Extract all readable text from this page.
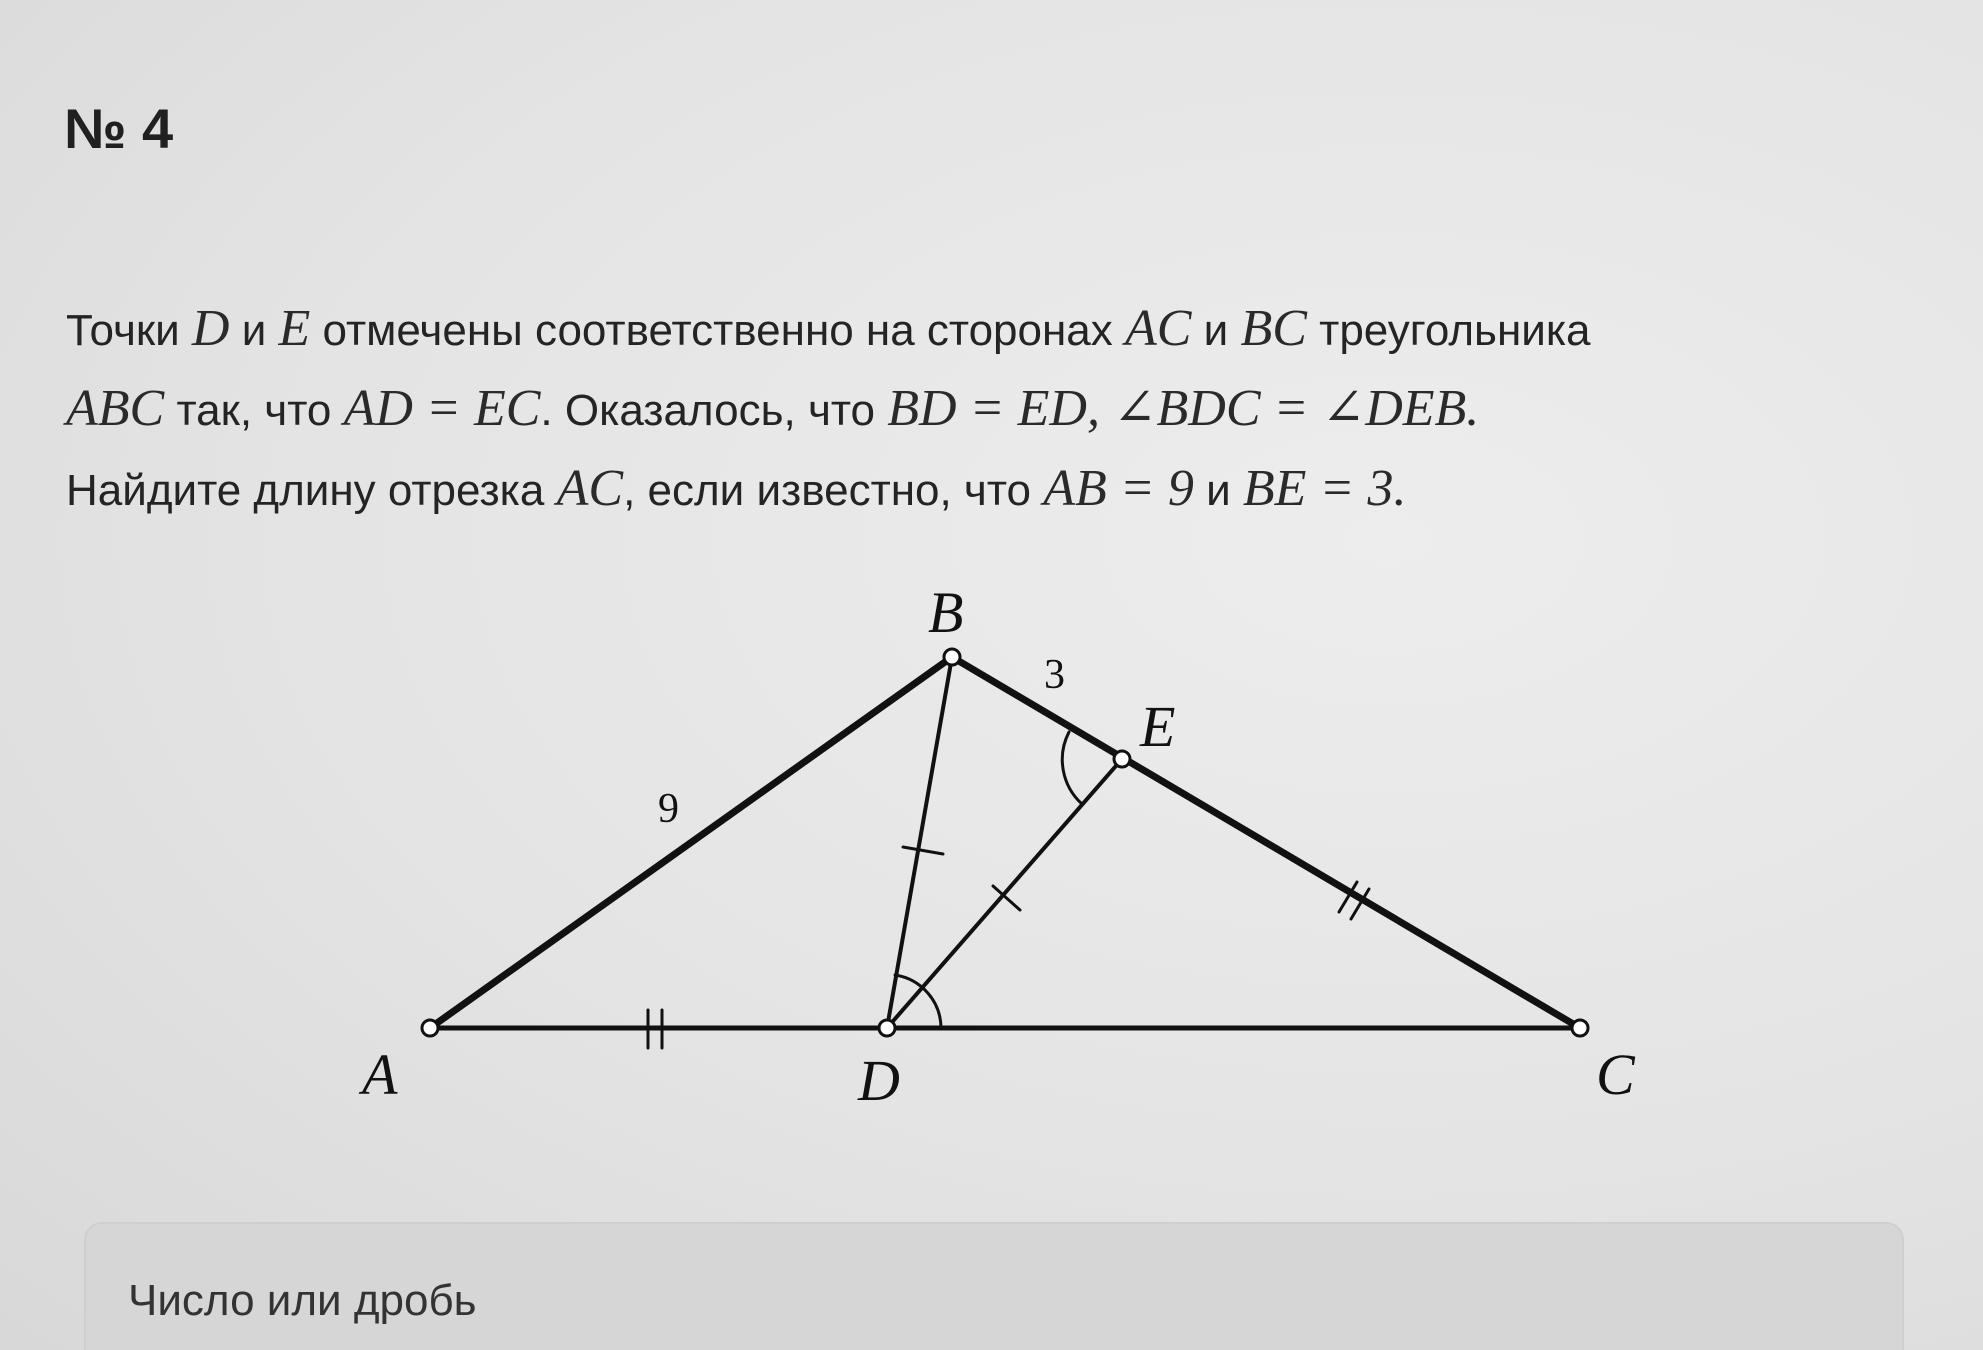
№ 4
Точки D и E отмечены соответственно на сторонах AC и BC треугольника
ABC так, что AD = EC. Оказалось, что BD = ED, ∠BDC = ∠DEB.
Найдите длину отрезка AC, если известно, что AB = 9 и BE = 3.
B
E
A	D	C
9
3
Число или дробь
